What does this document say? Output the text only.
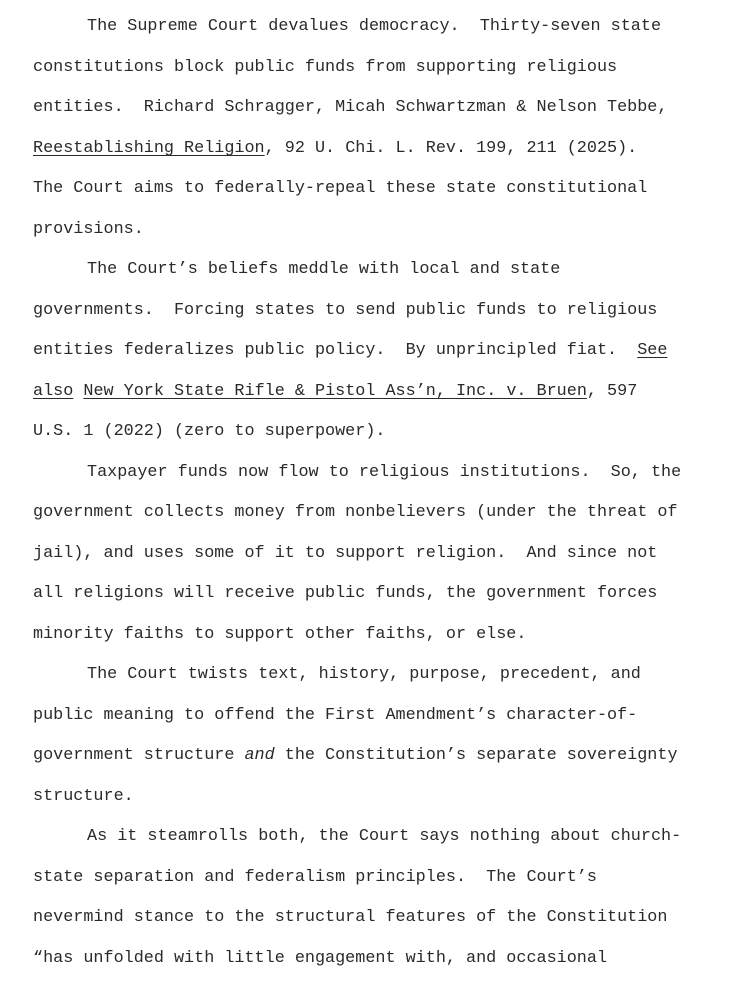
The Supreme Court devalues democracy.  Thirty-seven state
constitutions block public funds from supporting religious
entities.  Richard Schragger, Micah Schwartzman & Nelson Tebbe,
Reestablishing Religion, 92 U. Chi. L. Rev. 199, 211 (2025).
The Court aims to federally-repeal these state constitutional
provisions.
The Court’s beliefs meddle with local and state
governments.  Forcing states to send public funds to religious
entities federalizes public policy.  By unprincipled fiat.  See
also New York State Rifle & Pistol Ass’n, Inc. v. Bruen, 597
U.S. 1 (2022) (zero to superpower).
Taxpayer funds now flow to religious institutions.  So, the
government collects money from nonbelievers (under the threat of
jail), and uses some of it to support religion.  And since not
all religions will receive public funds, the government forces
minority faiths to support other faiths, or else.
The Court twists text, history, purpose, precedent, and
public meaning to offend the First Amendment’s character-of-
government structure and the Constitution’s separate sovereignty
structure.
As it steamrolls both, the Court says nothing about church-
state separation and federalism principles.  The Court’s
nevermind stance to the structural features of the Constitution
“has unfolded with little engagement with, and occasional
